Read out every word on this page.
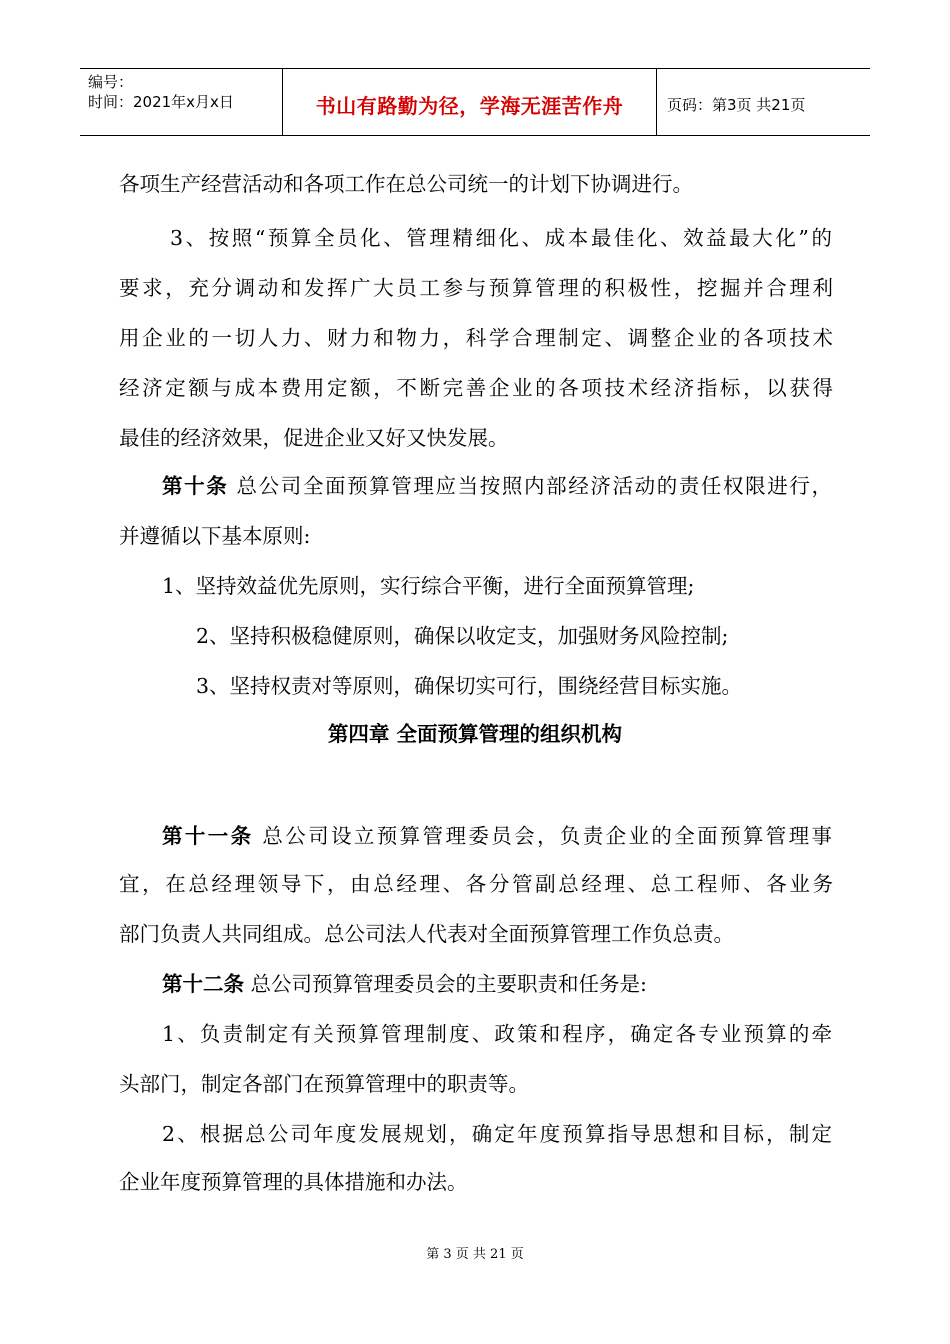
编号：
时间：2021年x月x日	书山有路勤为径，学海无涯苦作舟	页码：第3页 共21页
各项生产经营活动和各项工作在总公司统一的计划下协调进行。
3、按照“预算全员化、管理精细化、成本最佳化、效益最大化”的
要求，充分调动和发挥广大员工参与预算管理的积极性，挖掘并合理利
用企业的一切人力、财力和物力，科学合理制定、调整企业的各项技术
经济定额与成本费用定额，不断完善企业的各项技术经济指标，以获得
最佳的经济效果，促进企业又好又快发展。
第十条 总公司全面预算管理应当按照内部经济活动的责任权限进行，
并遵循以下基本原则:
1、坚持效益优先原则，实行综合平衡，进行全面预算管理;
2、坚持积极稳健原则，确保以收定支，加强财务风险控制;
3、坚持权责对等原则，确保切实可行，围绕经营目标实施。
第四章 全面预算管理的组织机构
第十一条 总公司设立预算管理委员会，负责企业的全面预算管理事
宜，在总经理领导下，由总经理、各分管副总经理、总工程师、各业务
部门负责人共同组成。总公司法人代表对全面预算管理工作负总责。
第十二条 总公司预算管理委员会的主要职责和任务是:
1、负责制定有关预算管理制度、政策和程序，确定各专业预算的牵
头部门，制定各部门在预算管理中的职责等。
2、根据总公司年度发展规划，确定年度预算指导思想和目标，制定
企业年度预算管理的具体措施和办法。
第 3 页 共 21 页
